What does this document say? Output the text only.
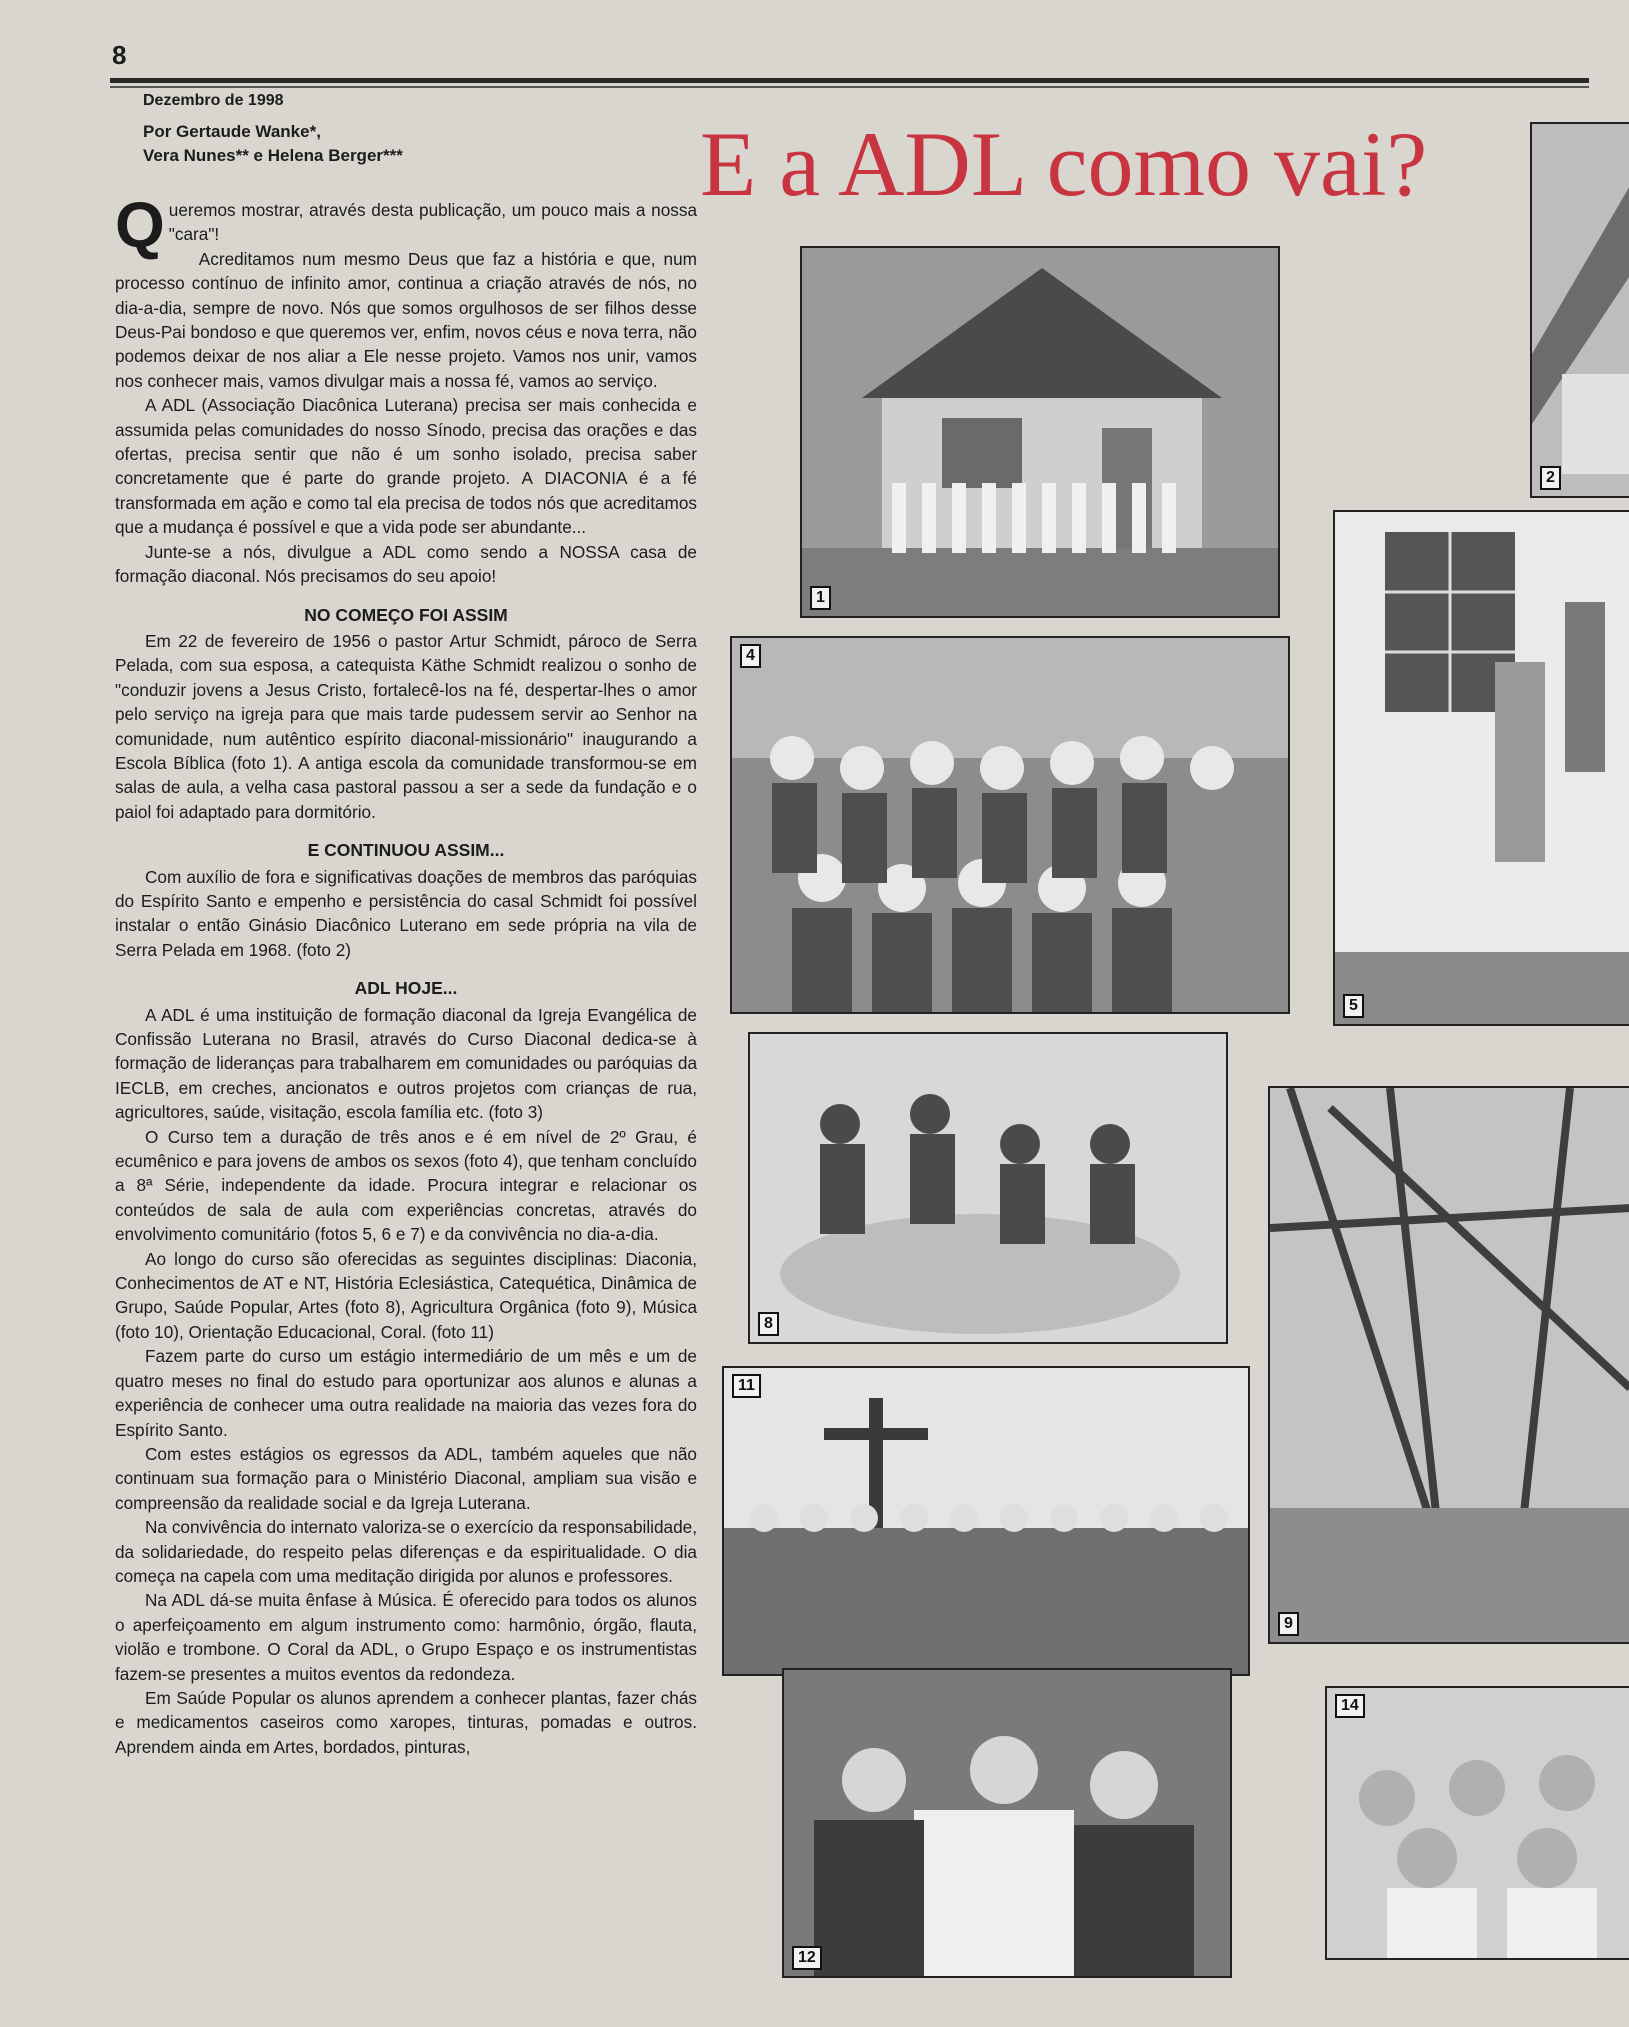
8
Dezembro de 1998
Por Gertaude Wanke*,
Vera Nunes** e Helena Berger***	E a ADL como vai?

Queremos mostrar, através desta publicação, um pouco mais a nossa "cara"!

Acreditamos num mesmo Deus que faz a história e que, num processo contínuo de infinito amor, continua a criação através de nós, no dia-a-dia, sempre de novo. Nós que somos orgulhosos de ser filhos desse Deus-Pai bondoso e que queremos ver, enfim, novos céus e nova terra, não podemos deixar de nos aliar a Ele nesse projeto. Vamos nos unir, vamos nos conhecer mais, vamos divulgar mais a nossa fé, vamos ao serviço.

A ADL (Associação Diacônica Luterana) precisa ser mais conhecida e assumida pelas comunidades do nosso Sínodo, precisa das orações e das ofertas, precisa sentir que não é um sonho isolado, precisa saber concretamente que é parte do grande projeto. A DIACONIA é a fé transformada em ação e como tal ela precisa de todos nós que acreditamos que a mudança é possível e que a vida pode ser abundante...

Junte-se a nós, divulgue a ADL como sendo a NOSSA casa de formação diaconal. Nós precisamos do seu apoio!

NO COMEÇO FOI ASSIM

Em 22 de fevereiro de 1956 o pastor Artur Schmidt, pároco de Serra Pelada, com sua esposa, a catequista Käthe Schmidt realizou o sonho de "conduzir jovens a Jesus Cristo, fortalecê-los na fé, despertar-lhes o amor pelo serviço na igreja para que mais tarde pudessem servir ao Senhor na comunidade, num autêntico espírito diaconal-missionário" inaugurando a Escola Bíblica (foto 1). A antiga escola da comunidade transformou-se em salas de aula, a velha casa pastoral passou a ser a sede da fundação e o paiol foi adaptado para dormitório.

E CONTINUOU ASSIM...

Com auxílio de fora e significativas doações de membros das paróquias do Espírito Santo e empenho e persistência do casal Schmidt foi possível instalar o então Ginásio Diacônico Luterano em sede própria na vila de Serra Pelada em 1968. (foto 2)

ADL HOJE...

A ADL é uma instituição de formação diaconal da Igreja Evangélica de Confissão Luterana no Brasil, através do Curso Diaconal dedica-se à formação de lideranças para trabalharem em comunidades ou paróquias da IECLB, em creches, ancionatos e outros projetos com crianças de rua, agricultores, saúde, visitação, escola família etc. (foto 3)

O Curso tem a duração de três anos e é em nível de 2º Grau, é ecumênico e para jovens de ambos os sexos (foto 4), que tenham concluído a 8ª Série, independente da idade. Procura integrar e relacionar os conteúdos de sala de aula com experiências concretas, através do envolvimento comunitário (fotos 5, 6 e 7) e da convivência no dia-a-dia.

Ao longo do curso são oferecidas as seguintes disciplinas: Diaconia, Conhecimentos de AT e NT, História Eclesiástica, Catequética, Dinâmica de Grupo, Saúde Popular, Artes (foto 8), Agricultura Orgânica (foto 9), Música (foto 10), Orientação Educacional, Coral. (foto 11)

Fazem parte do curso um estágio intermediário de um mês e um de quatro meses no final do estudo para oportunizar aos alunos e alunas a experiência de conhecer uma outra realidade na maioria das vezes fora do Espírito Santo.

Com estes estágios os egressos da ADL, também aqueles que não continuam sua formação para o Ministério Diaconal, ampliam sua visão e compreensão da realidade social e da Igreja Luterana.

Na convivência do internato valoriza-se o exercício da responsabilidade, da solidariedade, do respeito pelas diferenças e da espiritualidade. O dia começa na capela com uma meditação dirigida por alunos e professores.

Na ADL dá-se muita ênfase à Música. É oferecido para todos os alunos o aperfeiçoamento em algum instrumento como: harmônio, órgão, flauta, violão e trombone. O Coral da ADL, o Grupo Espaço e os instrumentistas fazem-se presentes a muitos eventos da redondeza.

Em Saúde Popular os alunos aprendem a conhecer plantas, fazer chás e medicamentos caseiros como xaropes, tinturas, pomadas e outros. Aprendem ainda em Artes, bordados, pinturas,

1
2
4
5
8
9
11
12
14
